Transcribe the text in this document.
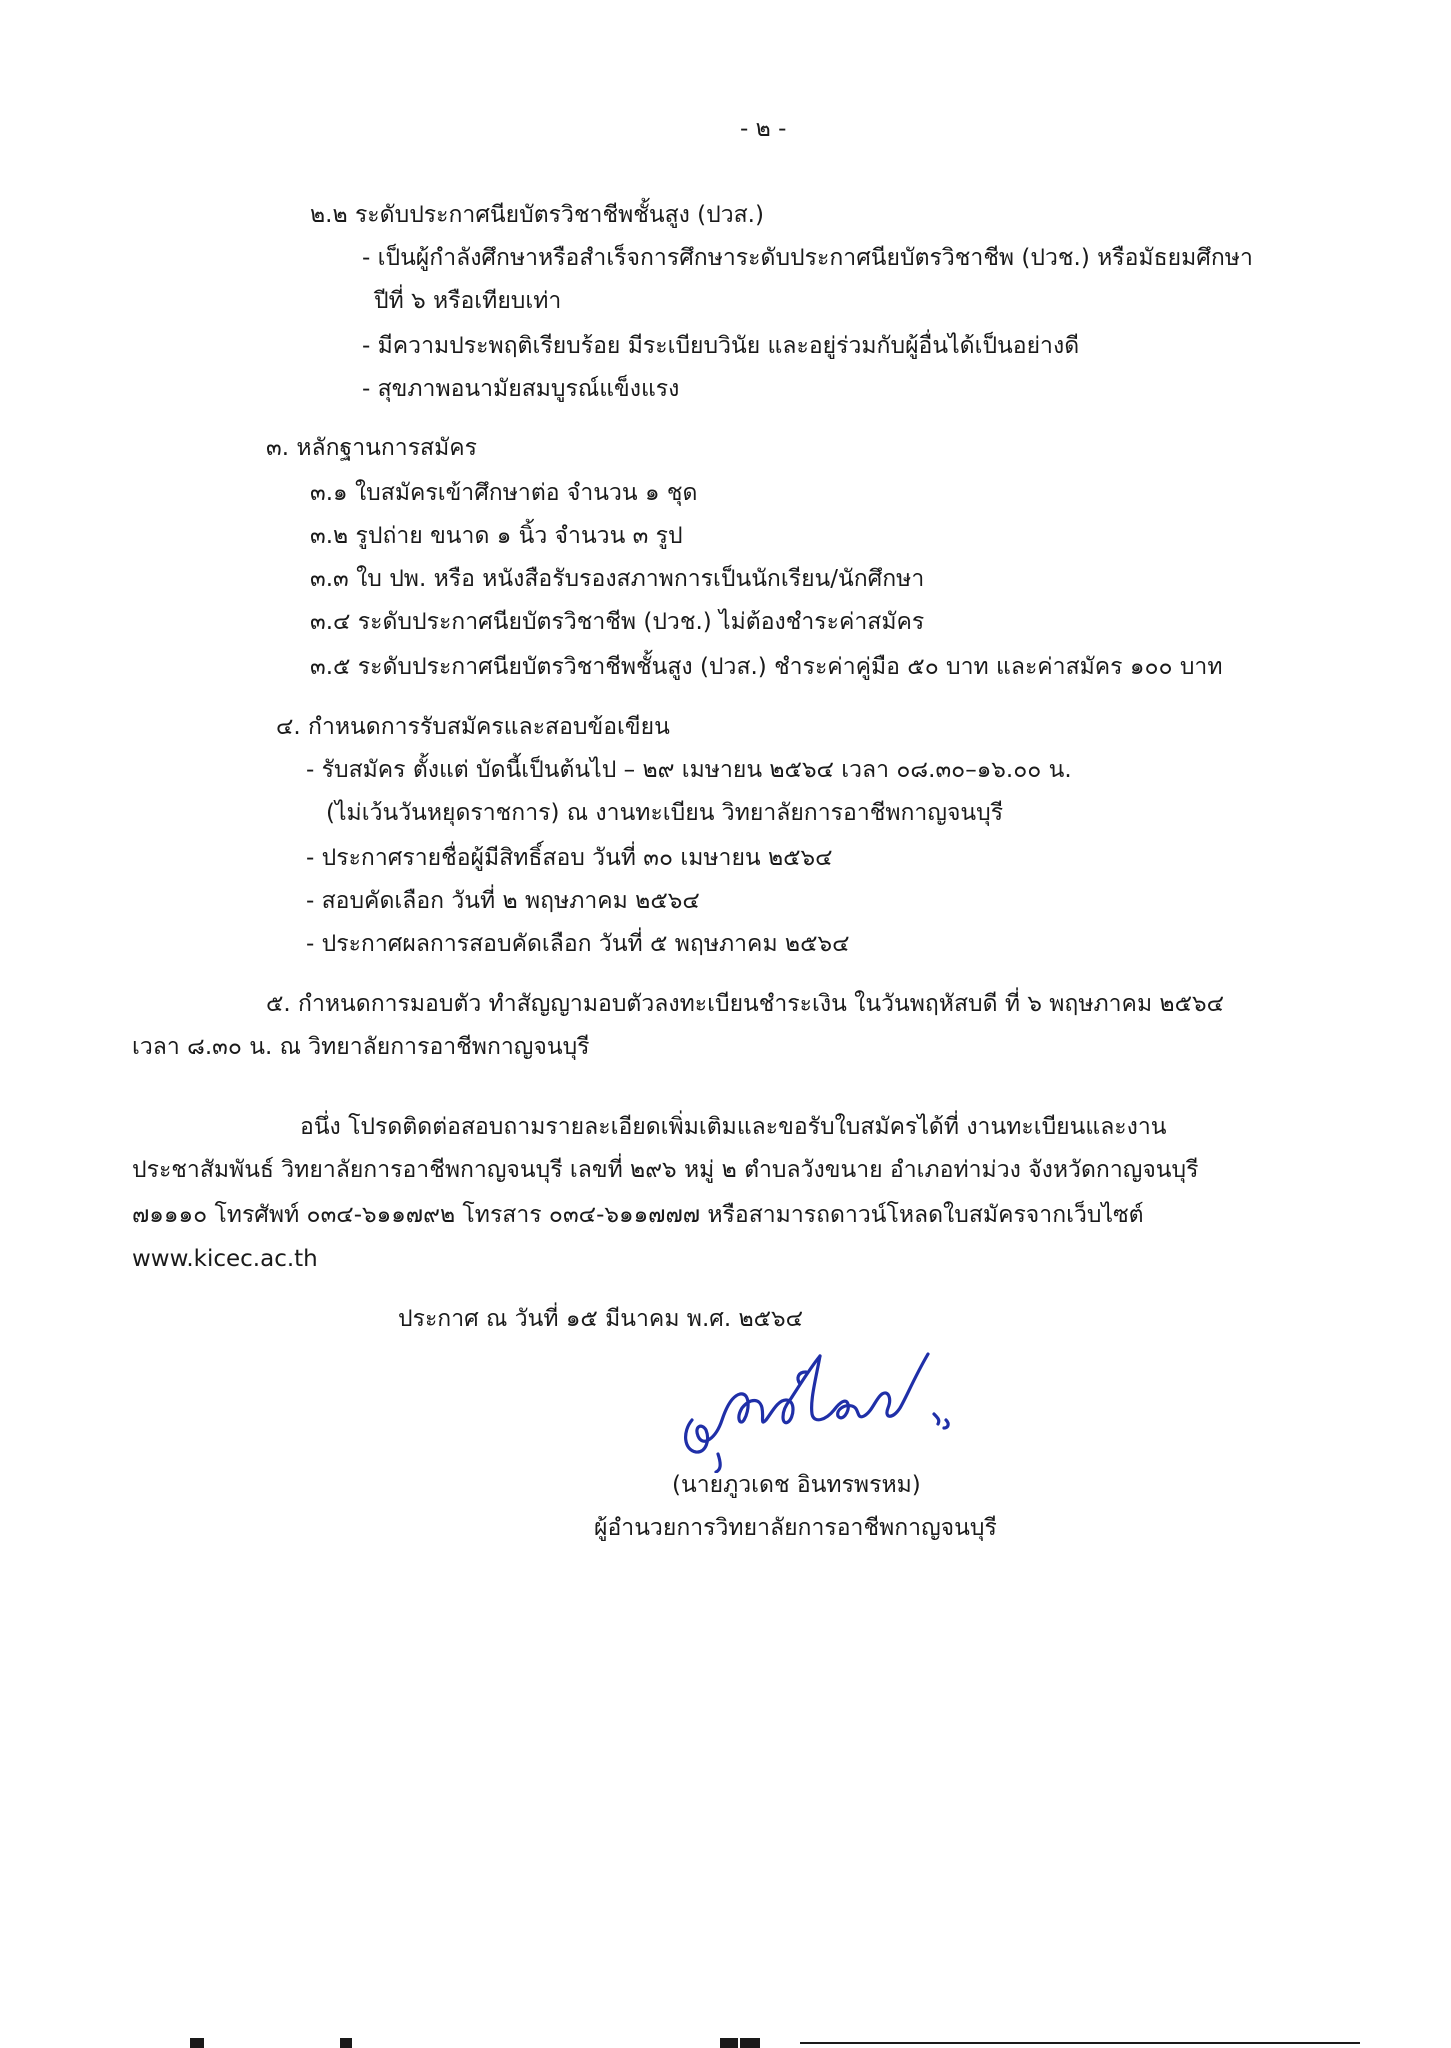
- ๒ -
๒.๒ ระดับประกาศนียบัตรวิชาชีพชั้นสูง (ปวส.)
- เป็นผู้กำลังศึกษาหรือสำเร็จการศึกษาระดับประกาศนียบัตรวิชาชีพ (ปวช.) หรือมัธยมศึกษา
ปีที่ ๖ หรือเทียบเท่า
- มีความประพฤติเรียบร้อย มีระเบียบวินัย และอยู่ร่วมกับผู้อื่นได้เป็นอย่างดี
- สุขภาพอนามัยสมบูรณ์แข็งแรง
๓. หลักฐานการสมัคร
๓.๑ ใบสมัครเข้าศึกษาต่อ จำนวน ๑ ชุด
๓.๒ รูปถ่าย ขนาด ๑ นิ้ว จำนวน ๓ รูป
๓.๓ ใบ ปพ. หรือ หนังสือรับรองสภาพการเป็นนักเรียน/นักศึกษา
๓.๔ ระดับประกาศนียบัตรวิชาชีพ (ปวช.) ไม่ต้องชำระค่าสมัคร
๓.๕ ระดับประกาศนียบัตรวิชาชีพชั้นสูง (ปวส.) ชำระค่าคู่มือ ๕๐ บาท และค่าสมัคร ๑๐๐ บาท
๔. กำหนดการรับสมัครและสอบข้อเขียน
- รับสมัคร ตั้งแต่ บัดนี้เป็นต้นไป – ๒๙ เมษายน ๒๕๖๔ เวลา ๐๘.๓๐–๑๖.๐๐ น.
(ไม่เว้นวันหยุดราชการ) ณ งานทะเบียน วิทยาลัยการอาชีพกาญจนบุรี
- ประกาศรายชื่อผู้มีสิทธิ์สอบ วันที่ ๓๐ เมษายน ๒๕๖๔
- สอบคัดเลือก วันที่ ๒ พฤษภาคม ๒๕๖๔
- ประกาศผลการสอบคัดเลือก วันที่ ๕ พฤษภาคม ๒๕๖๔
๕. กำหนดการมอบตัว ทำสัญญามอบตัวลงทะเบียนชำระเงิน ในวันพฤหัสบดี ที่ ๖ พฤษภาคม ๒๕๖๔
เวลา ๘.๓๐ น. ณ วิทยาลัยการอาชีพกาญจนบุรี
อนึ่ง โปรดติดต่อสอบถามรายละเอียดเพิ่มเติมและขอรับใบสมัครได้ที่ งานทะเบียนและงาน
ประชาสัมพันธ์ วิทยาลัยการอาชีพกาญจนบุรี เลขที่ ๒๙๖ หมู่ ๒ ตำบลวังขนาย อำเภอท่าม่วง จังหวัดกาญจนบุรี
๗๑๑๑๐ โทรศัพท์ ๐๓๔-๖๑๑๗๙๒ โทรสาร ๐๓๔-๖๑๑๗๗๗ หรือสามารถดาวน์โหลดใบสมัครจากเว็บไซต์
www.kicec.ac.th
ประกาศ ณ วันที่ ๑๕ มีนาคม พ.ศ. ๒๕๖๔
(นายภูวเดช อินทรพรหม)
ผู้อำนวยการวิทยาลัยการอาชีพกาญจนบุรี
